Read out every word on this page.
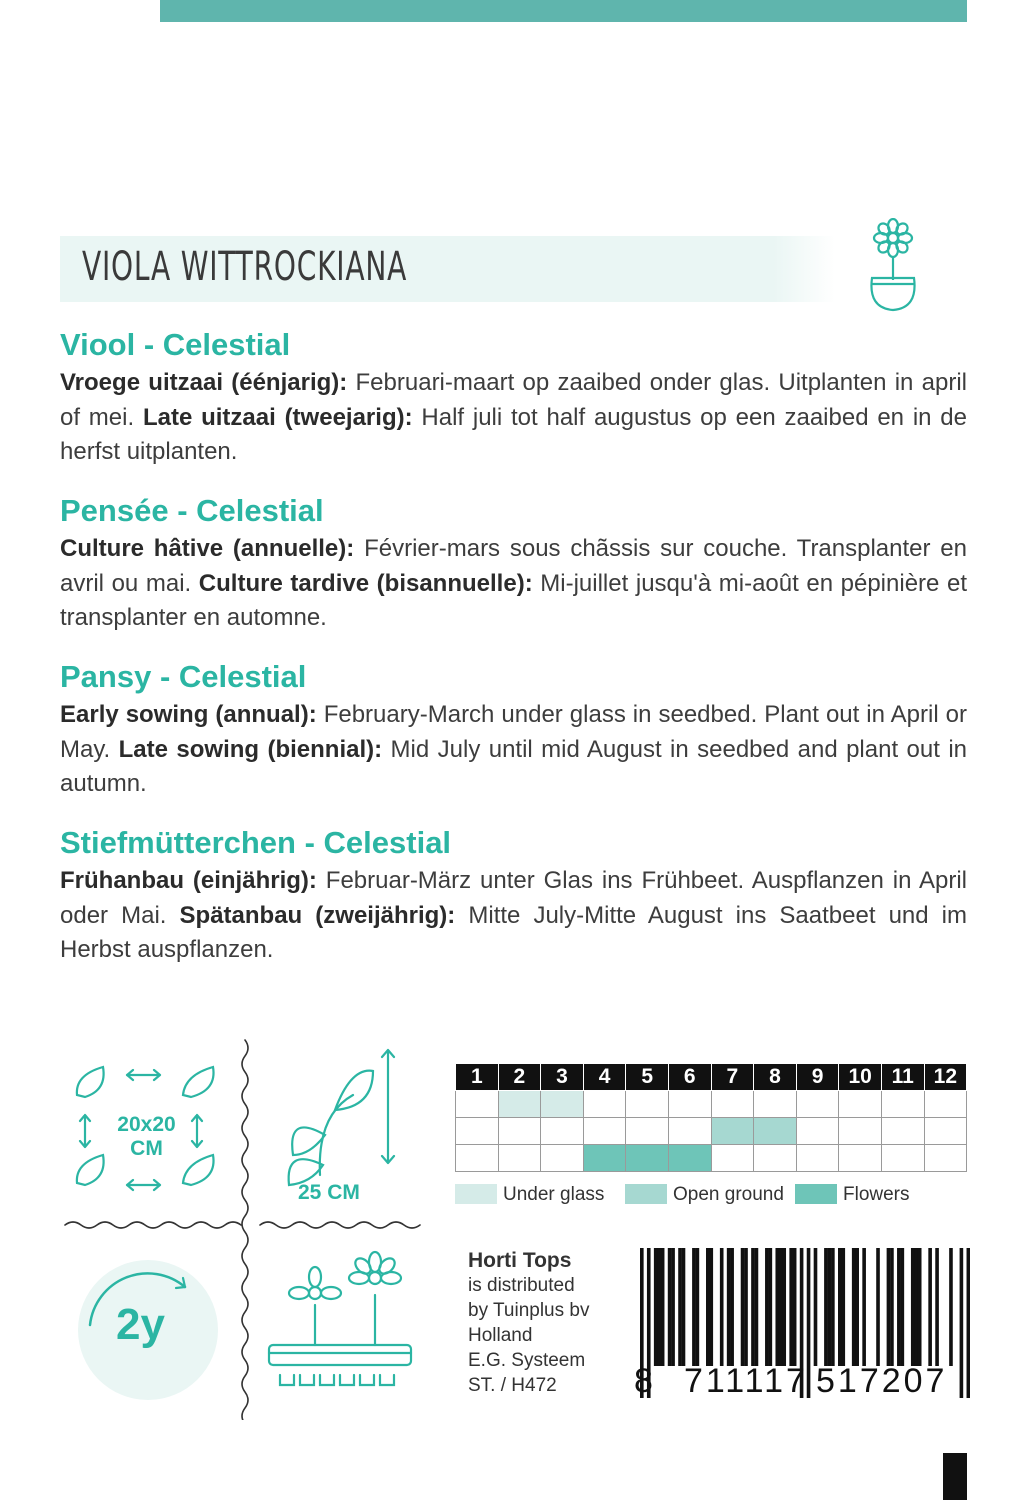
VIOLA WITTROCKIANA
Viool - Celestial
Vroege uitzaai (éénjarig): Februari-maart op zaaibed onder glas. Uitplanten in april of mei. Late uitzaai (tweejarig): Half juli tot half augustus op een zaaibed en in de herfst uitplanten.
Pensée - Celestial
Culture hâtive (annuelle): Février-mars sous chãssis sur couche. Transplanter en avril ou mai. Culture tardive (bisannuelle): Mi-juillet jusqu'à mi-août en pépinière et transplanter en automne.
Pansy - Celestial
Early sowing (annual): February-March under glass in seedbed. Plant out in April or May. Late sowing (biennial): Mid July until mid August in seedbed and plant out in autumn.
Stiefmütterchen - Celestial
Frühanbau (einjährig): Februar-März unter Glas ins Frühbeet. Auspflanzen in April oder Mai. Spätanbau (zweijährig): Mitte July-Mitte August ins Saatbeet und im Herbst auspflanzen.
20x20
CM
25 CM
2y
1	2	3	4	5	6	7	8	9	10	11	12

Under glass	Open ground	Flowers
Horti Tops
is distributed
by Tuinplus bv
Holland
E.G. Systeem
ST. / H472	8 711117 517207
